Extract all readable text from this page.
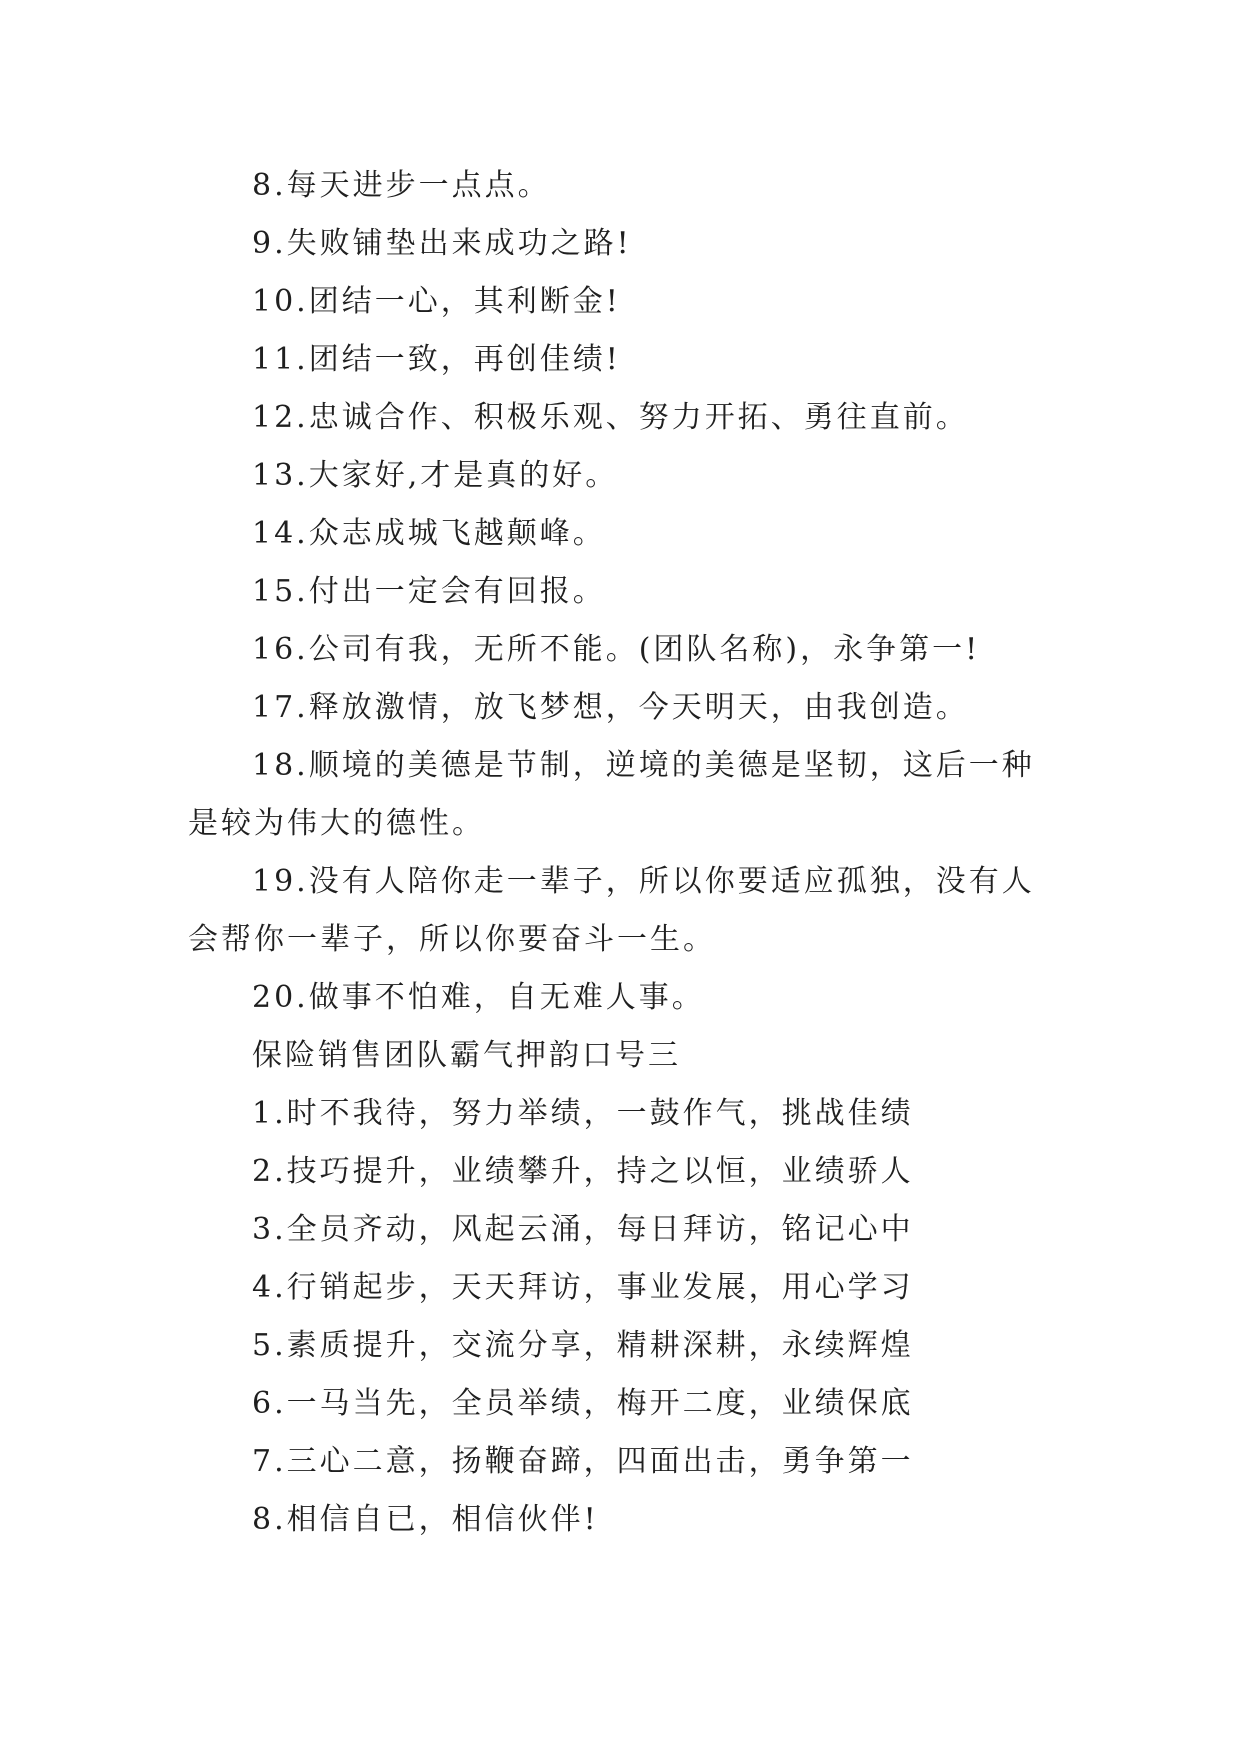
8.每天进步一点点。

9.失败铺垫出来成功之路!

10.团结一心，其利断金!

11.团结一致，再创佳绩!

12.忠诚合作、积极乐观、努力开拓、勇往直前。

13.大家好,才是真的好。

14.众志成城飞越颠峰。

15.付出一定会有回报。

16.公司有我，无所不能。(团队名称)，永争第一!

17.释放激情，放飞梦想，今天明天，由我创造。

18.顺境的美德是节制，逆境的美德是坚韧，这后一种是较为伟大的德性。

19.没有人陪你走一辈子，所以你要适应孤独，没有人会帮你一辈子，所以你要奋斗一生。

20.做事不怕难，自无难人事。

保险销售团队霸气押韵口号三

1.时不我待，努力举绩，一鼓作气，挑战佳绩

2.技巧提升，业绩攀升，持之以恒，业绩骄人

3.全员齐动，风起云涌，每日拜访，铭记心中

4.行销起步，天天拜访，事业发展，用心学习

5.素质提升，交流分享，精耕深耕，永续辉煌

6.一马当先，全员举绩，梅开二度，业绩保底

7.三心二意，扬鞭奋蹄，四面出击，勇争第一

8.相信自已，相信伙伴!
